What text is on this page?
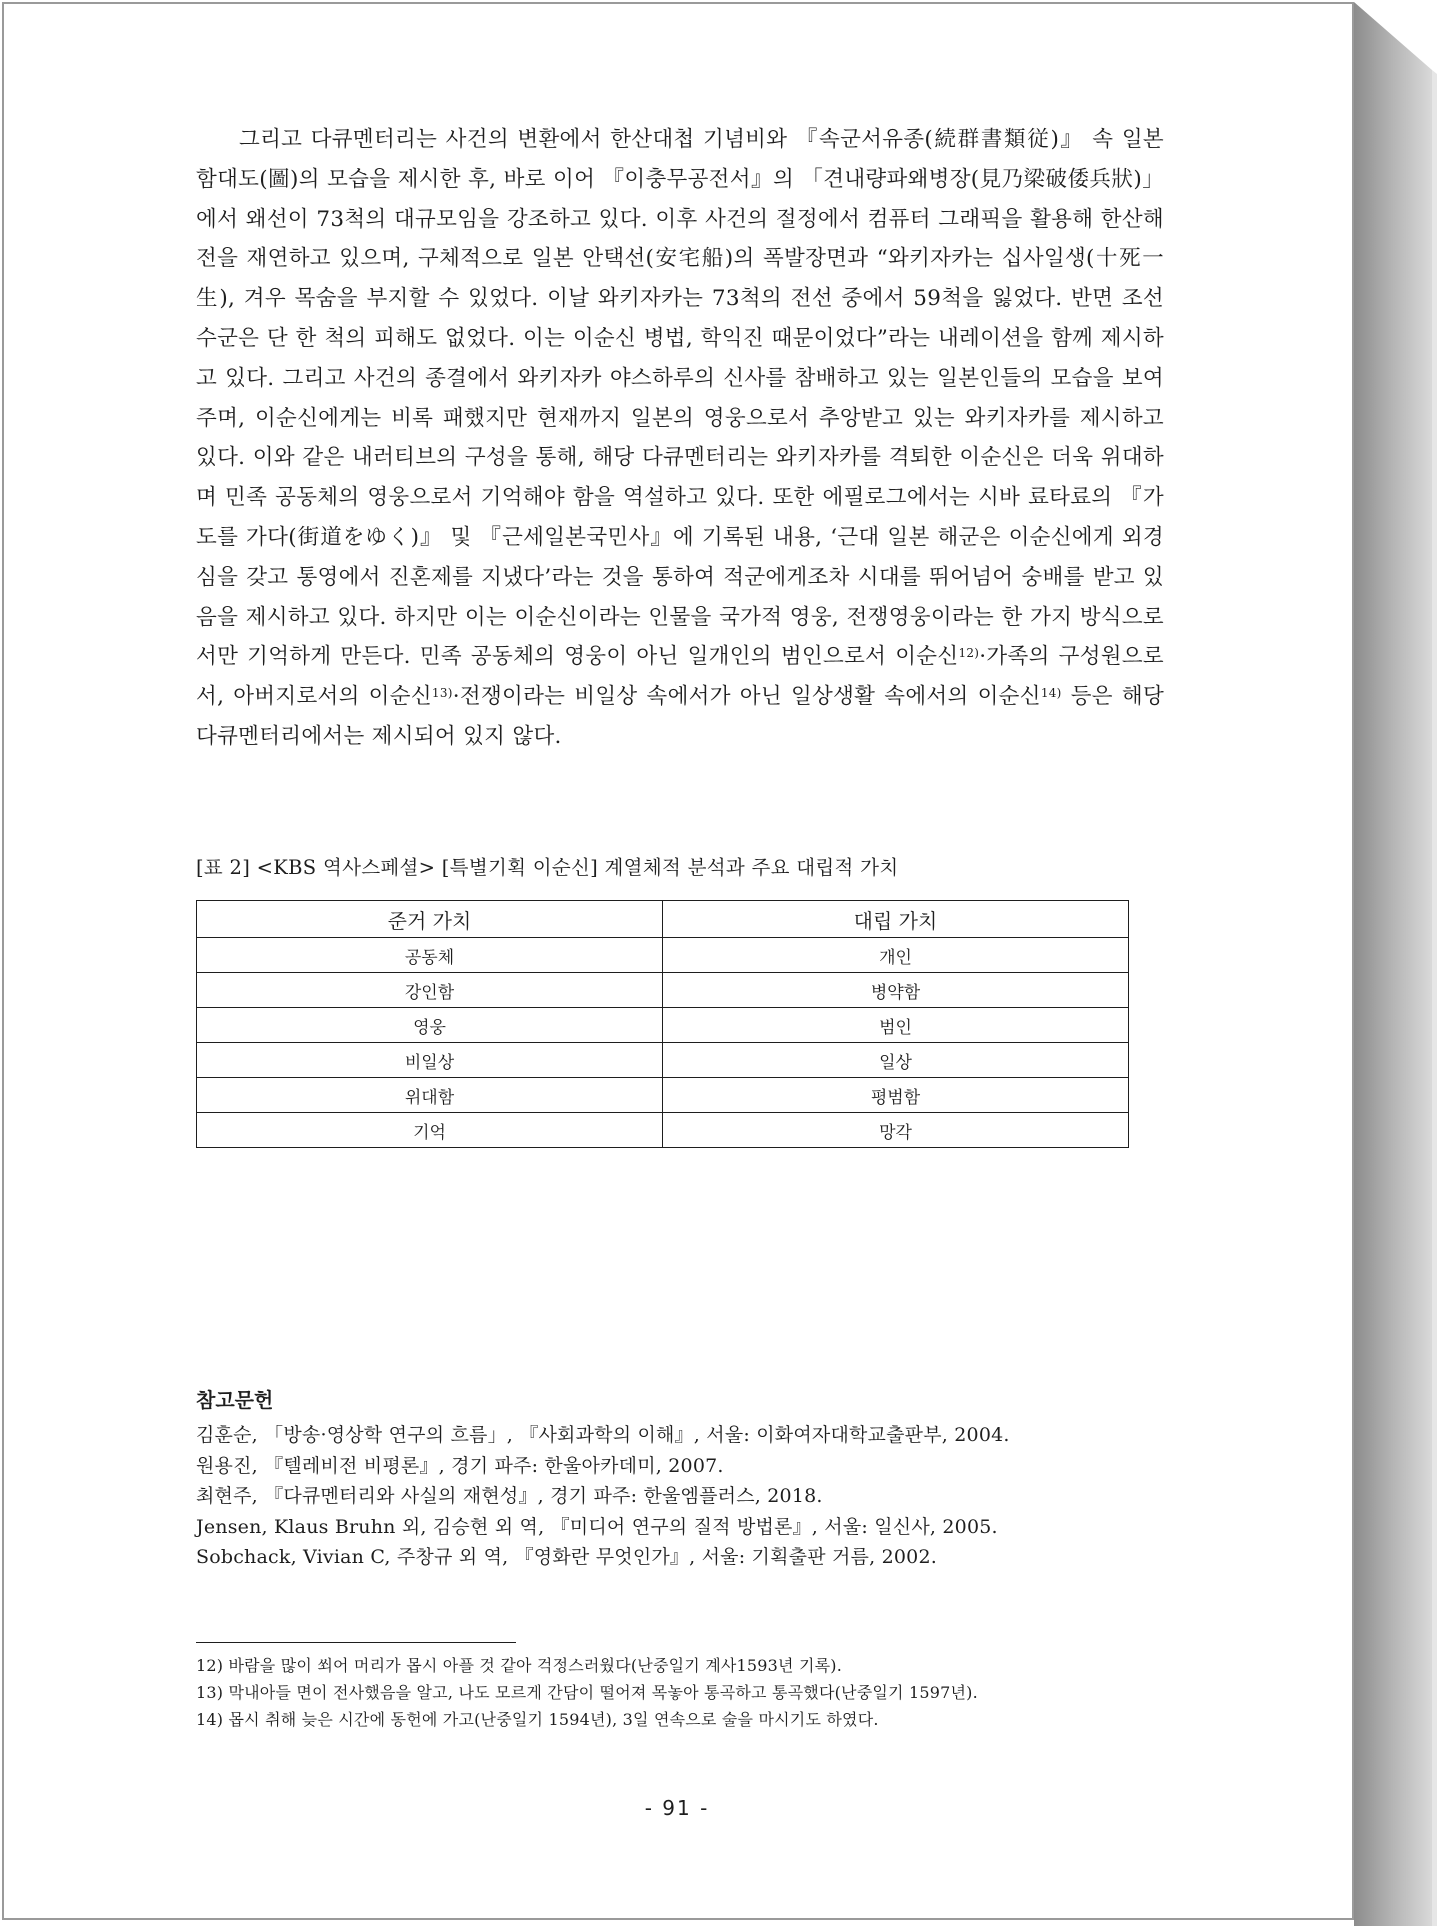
그리고 다큐멘터리는 사건의 변환에서 한산대첩 기념비와 『속군서유종(続群書類従)』 속 일본 함대도(圖)의 모습을 제시한 후, 바로 이어 『이충무공전서』의 「견내량파왜병장(見乃梁破倭兵狀)」에서 왜선이 73척의 대규모임을 강조하고 있다. 이후 사건의 절정에서 컴퓨터 그래픽을 활용해 한산해전을 재연하고 있으며, 구체적으로 일본 안택선(安宅船)의 폭발장면과 “와키자카는 십사일생(十死一生), 겨우 목숨을 부지할 수 있었다. 이날 와키자카는 73척의 전선 중에서 59척을 잃었다. 반면 조선 수군은 단 한 척의 피해도 없었다. 이는 이순신 병법, 학익진 때문이었다”라는 내레이션을 함께 제시하고 있다. 그리고 사건의 종결에서 와키자카 야스하루의 신사를 참배하고 있는 일본인들의 모습을 보여주며, 이순신에게는 비록 패했지만 현재까지 일본의 영웅으로서 추앙받고 있는 와키자카를 제시하고 있다. 이와 같은 내러티브의 구성을 통해, 해당 다큐멘터리는 와키자카를 격퇴한 이순신은 더욱 위대하며 민족 공동체의 영웅으로서 기억해야 함을 역설하고 있다. 또한 에필로그에서는 시바 료타료의 『가도를 가다(街道をゆく)』 및 『근세일본국민사』에 기록된 내용, ‘근대 일본 해군은 이순신에게 외경심을 갖고 통영에서 진혼제를 지냈다’라는 것을 통하여 적군에게조차 시대를 뛰어넘어 숭배를 받고 있음을 제시하고 있다. 하지만 이는 이순신이라는 인물을 국가적 영웅, 전쟁영웅이라는 한 가지 방식으로서만 기억하게 만든다. 민족 공동체의 영웅이 아닌 일개인의 범인으로서 이순신$^{12)}$·가족의 구성원으로서, 아버지로서의 이순신$^{13)}$·전쟁이라는 비일상 속에서가 아닌 일상생활 속에서의 이순신$^{14)}$ 등은 해당 다큐멘터리에서는 제시되어 있지 않다.

[표 2] <KBS 역사스페셜> [특별기획 이순신] 계열체적 분석과 주요 대립적 가치
준거 가치	대립 가치
공동체	개인
강인함	병약함
영웅	범인
비일상	일상
위대함	평범함
기억	망각
참고문헌
김훈순, 「방송·영상학 연구의 흐름」, 『사회과학의 이해』, 서울: 이화여자대학교출판부, 2004.
원용진, 『텔레비전 비평론』, 경기 파주: 한울아카데미, 2007.
최현주, 『다큐멘터리와 사실의 재현성』, 경기 파주: 한울엠플러스, 2018.
Jensen, Klaus Bruhn 외, 김승현 외 역, 『미디어 연구의 질적 방법론』, 서울: 일신사, 2005.
Sobchack, Vivian C, 주창규 외 역, 『영화란 무엇인가』, 서울: 기획출판 거름, 2002.
12) 바람을 많이 쐬어 머리가 몹시 아플 것 같아 걱정스러웠다(난중일기 계사1593년 기록).
13) 막내아들 면이 전사했음을 알고, 나도 모르게 간담이 떨어져 목놓아 통곡하고 통곡했다(난중일기 1597년).
14) 몹시 취해 늦은 시간에 동헌에 가고(난중일기 1594년), 3일 연속으로 술을 마시기도 하였다.
- 91 -
